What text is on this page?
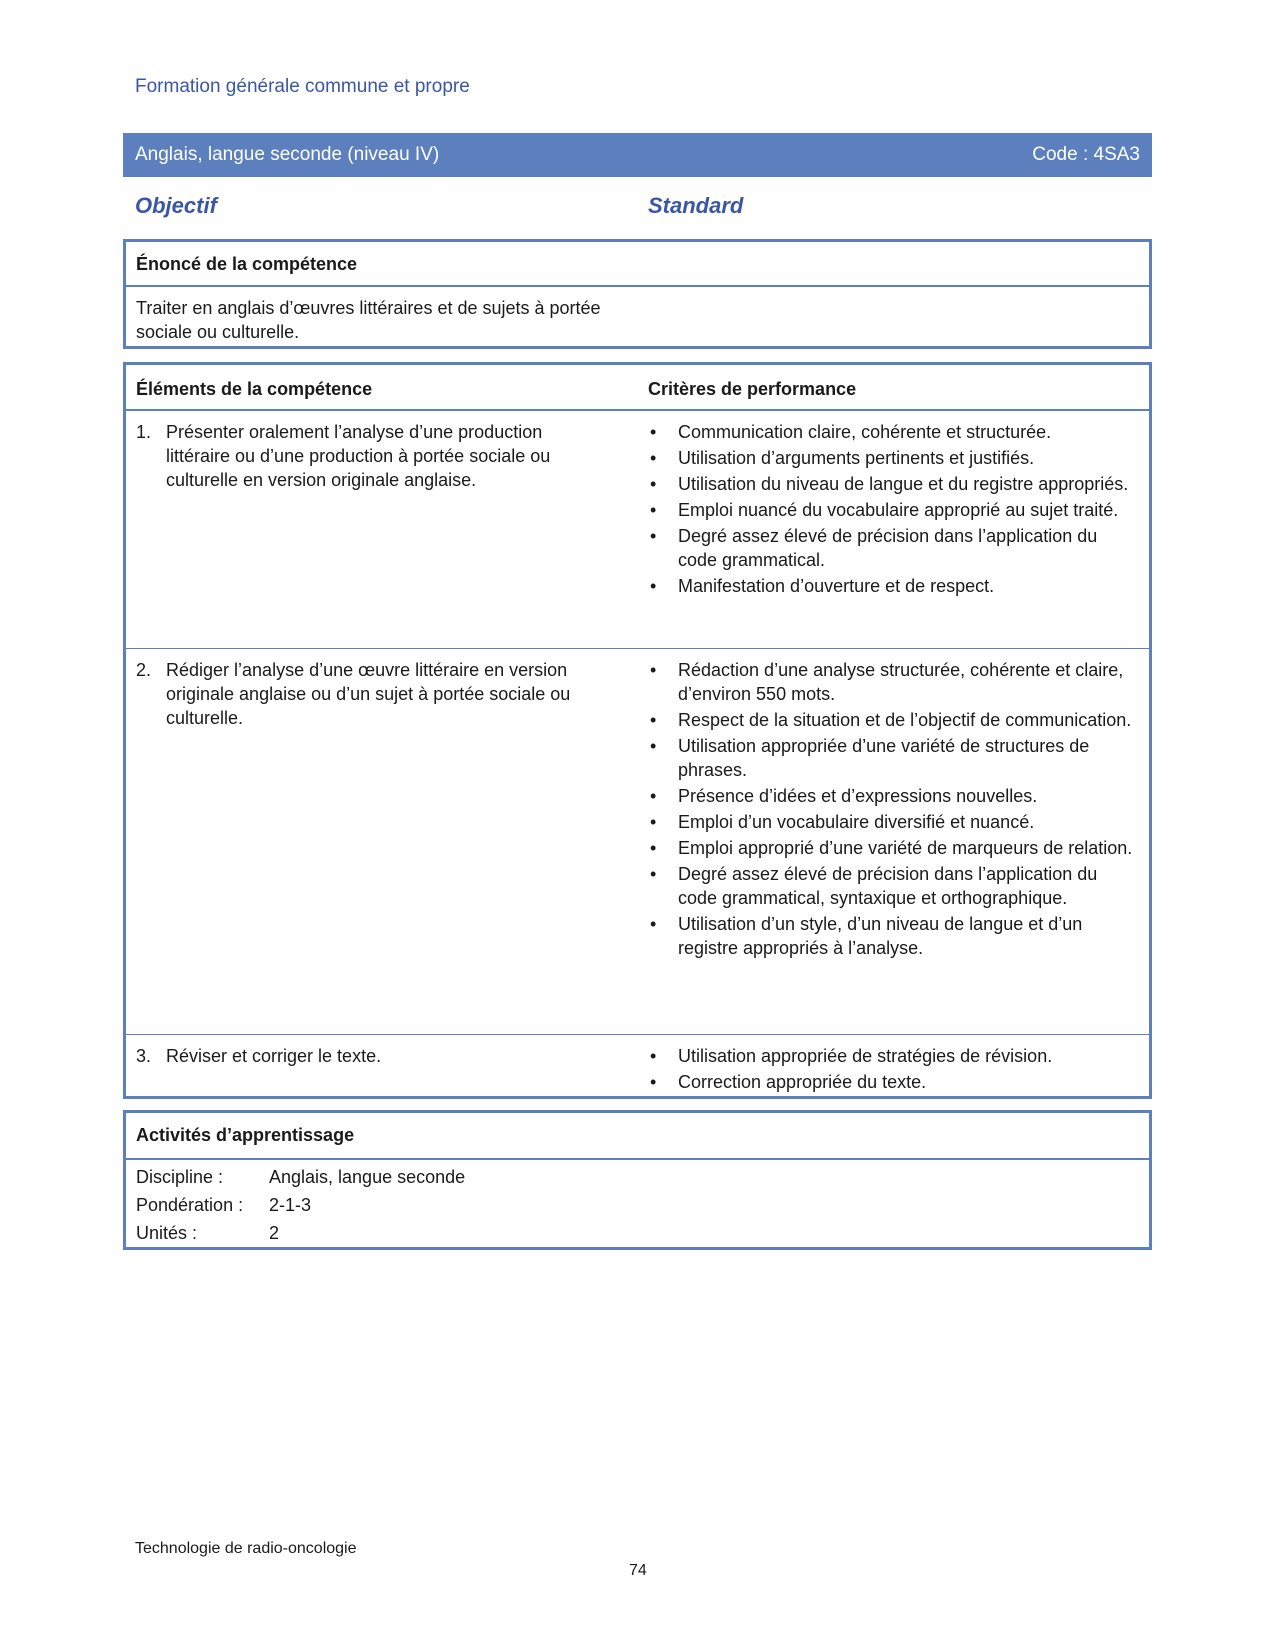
Formation générale commune et propre
Anglais, langue seconde (niveau IV)	Code : 4SA3
Objectif	Standard
Énoncé de la compétence
Traiter en anglais d’œuvres littéraires et de sujets à portée sociale ou culturelle.
Éléments de la compétence	Critères de performance
1. Présenter oralement l’analyse d’une production littéraire ou d’une production à portée sociale ou culturelle en version originale anglaise.
• Communication claire, cohérente et structurée.
• Utilisation d’arguments pertinents et justifiés.
• Utilisation du niveau de langue et du registre appropriés.
• Emploi nuancé du vocabulaire approprié au sujet traité.
• Degré assez élevé de précision dans l’application du code grammatical.
• Manifestation d’ouverture et de respect.
2. Rédiger l’analyse d’une œuvre littéraire en version originale anglaise ou d’un sujet à portée sociale ou culturelle.
• Rédaction d’une analyse structurée, cohérente et claire, d’environ 550 mots.
• Respect de la situation et de l’objectif de communication.
• Utilisation appropriée d’une variété de structures de phrases.
• Présence d’idées et d’expressions nouvelles.
• Emploi d’un vocabulaire diversifié et nuancé.
• Emploi approprié d’une variété de marqueurs de relation.
• Degré assez élevé de précision dans l’application du code grammatical, syntaxique et orthographique.
• Utilisation d’un style, d’un niveau de langue et d’un registre appropriés à l’analyse.
3. Réviser et corriger le texte.	• Utilisation appropriée de stratégies de révision.
• Correction appropriée du texte.
Activités d’apprentissage
Discipline :	Anglais, langue seconde
Pondération : 2-1-3
Unités :	2
Technologie de radio-oncologie
74
